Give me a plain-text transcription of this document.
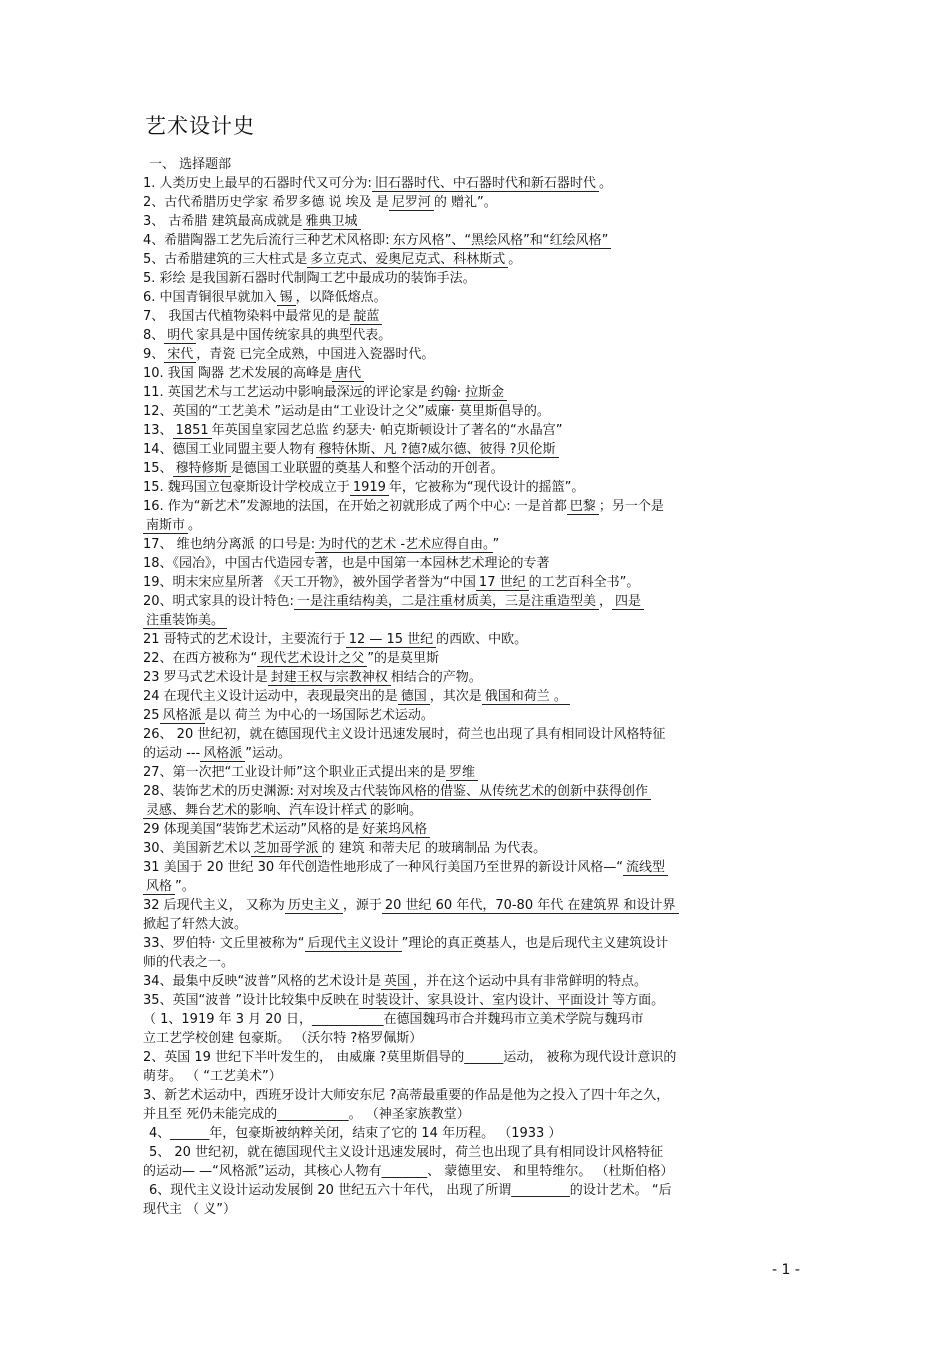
艺术设计史
一、 选择题部
1. 人类历史上最早的石器时代又可分为: 旧石器时代、中石器时代和新石器时代 。
2、古代希腊历史学家 希罗多德 说 埃及 是 尼罗河 的 赠礼”。
3、 古希腊 建筑最高成就是 雅典卫城
4、希腊陶器工艺先后流行三种艺术风格即: 东方风格”、“黑绘风格”和“红绘风格”
5、古希腊建筑的三大柱式是 多立克式、爱奥尼克式、科林斯式 。
5. 彩绘 是我国新石器时代制陶工艺中最成功的装饰手法。
6. 中国青铜很早就加入 锡 ，以降低熔点。
7、 我国古代植物染料中最常见的是 靛蓝
8、 明代 家具是中国传统家具的典型代表。
9、 宋代 ，青瓷 已完全成熟，中国进入瓷器时代。
10. 我国 陶器 艺术发展的高峰是 唐代
11. 英国艺术与工艺运动中影响最深远的评论家是 约翰· 拉斯金
12、英国的“工艺美术 ”运动是由“工业设计之父”威廉· 莫里斯倡导的。
13、 1851 年英国皇家园艺总监 约瑟夫· 帕克斯顿设计了著名的“水晶宫”
14、德国工业同盟主要人物有 穆特休斯、凡 ?德?威尔德、彼得 ?贝伦斯
15、 穆特修斯 是德国工业联盟的奠基人和整个活动的开创者。
15. 魏玛国立包豪斯设计学校成立于 1919 年，它被称为“现代设计的摇篮”。
16. 作为“新艺术”发源地的法国，在开始之初就形成了两个中心: 一是首都 巴黎 ；另一个是
南斯市 。
17、 维也纳分离派 的口号是: 为时代的艺术 -艺术应得自由。 ”
18、《园冶》，中国古代造园专著，也是中国第一本园林艺术理论的专著
19、明末宋应星所著 《天工开物》，被外国学者誉为“中国 17 世纪 的工艺百科全书”。
20、明式家具的设计特色: 一是注重结构美，二是注重材质美，三是注重造型美 ， 四是
注重装饰美。
21 哥特式的艺术设计，主要流行于 12 — 15 世纪 的西欧、中欧。
22、在西方被称为“ 现代艺术设计之父 ”的是莫里斯
23 罗马式艺术设计是 封建王权与宗教神权 相结合的产物。
24 在现代主义设计运动中，表现最突出的是 德国 ，其次是 俄国和荷兰 。
25 风格派 是以 荷兰 为中心的一场国际艺术运动。
26、 20 世纪初，就在德国现代主义设计迅速发展时，荷兰也出现了具有相同设计风格特征
的运动 --- 风格派 ”运动。
27、第一次把“工业设计师”这个职业正式提出来的是 罗维
28、装饰艺术的历史渊源: 对对埃及古代装饰风格的借鉴、从传统艺术的创新中获得创作
灵感、舞台艺术的影响、汽车设计样式 的影响。
29 体现美国“装饰艺术运动”风格的是 好莱坞风格
30、美国新艺术以 芝加哥学派 的 建筑 和蒂夫尼 的玻璃制品 为代表。
31 美国于 20 世纪 30 年代创造性地形成了一种风行美国乃至世界的新设计风格—“ 流线型
风格 ”。
32 后现代主义， 又称为 历史主义 ，源于 20 世纪 60 年代，70-80 年代 在建筑界 和设计界
掀起了轩然大波。
33、罗伯特· 文丘里被称为“ 后现代主义设计 ”理论的真正奠基人，也是后现代主义建筑设计
师的代表之一。
34、最集中反映“波普”风格的艺术设计是 英国 ，并在这个运动中具有非常鲜明的特点。
35、英国“波普 ”设计比较集中反映在 时装设计、家具设计、室内设计、平面设计 等方面。
（ 1、1919 年 3 月 20 日，___________在德国魏玛市合并魏玛市立美术学院与魏玛市
立工艺学校创建 包豪斯。 （沃尔特 ?格罗佩斯）
2、英国 19 世纪下半叶发生的， 由威廉 ?莫里斯倡导的______运动， 被称为现代设计意识的
萌芽。 （ “工艺美术”）
3、新艺术运动中，西班牙设计大师安东尼 ?高蒂最重要的作品是他为之投入了四十年之久，
并且至 死仍未能完成的___________。 （神圣家族教堂）
4、______年，包豪斯被纳粹关闭，结束了它的 14 年历程。 （1933 ）
5、 20 世纪初，就在德国现代主义设计迅速发展时，荷兰也出现了具有相同设计风格特征
的运动— —“风格派”运动，其核心人物有_______、 蒙德里安、 和里特维尔。 （杜斯伯格）
6、现代主义设计运动发展倒 20 世纪五六十年代， 出现了所谓_________的设计艺术。 “后
现代主 （ 义”）
- 1 -
